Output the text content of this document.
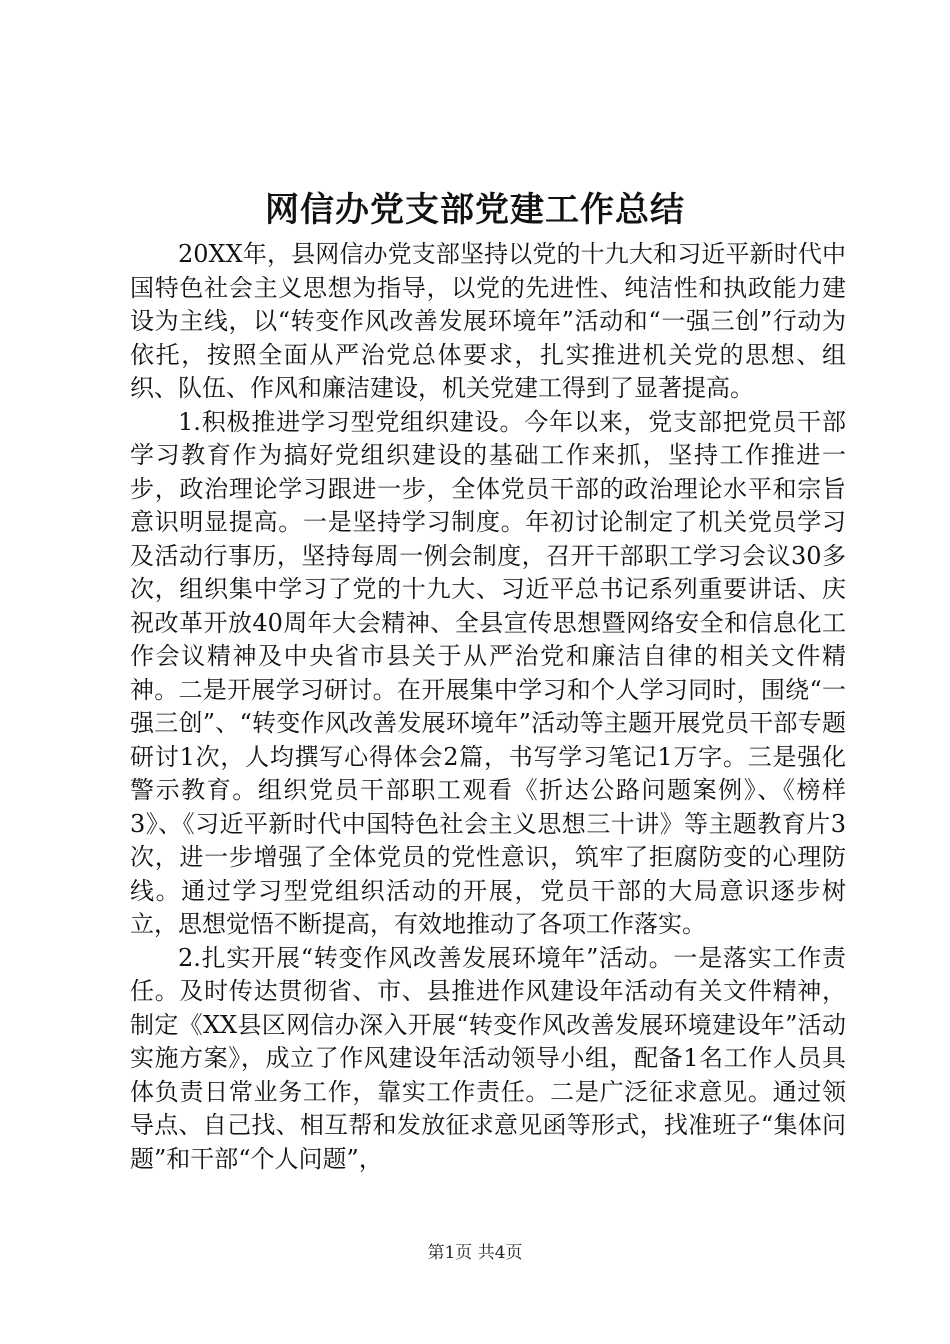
网信办党支部党建工作总结

20XX年，县网信办党支部坚持以党的十九大和习近平新时代中国特色社会主义思想为指导，以党的先进性、纯洁性和执政能力建设为主线，以“转变作风改善发展环境年”活动和“一强三创”行动为依托，按照全面从严治党总体要求，扎实推进机关党的思想、组织、队伍、作风和廉洁建设，机关党建工得到了显著提高。

1.积极推进学习型党组织建设。今年以来，党支部把党员干部学习教育作为搞好党组织建设的基础工作来抓，坚持工作推进一步，政治理论学习跟进一步，全体党员干部的政治理论水平和宗旨意识明显提高。一是坚持学习制度。年初讨论制定了机关党员学习及活动行事历，坚持每周一例会制度，召开干部职工学习会议30多次，组织集中学习了党的十九大、习近平总书记系列重要讲话、庆祝改革开放40周年大会精神、全县宣传思想暨网络安全和信息化工作会议精神及中央省市县关于从严治党和廉洁自律的相关文件精神。二是开展学习研讨。在开展集中学习和个人学习同时，围绕“一强三创”、“转变作风改善发展环境年”活动等主题开展党员干部专题研讨1次，人均撰写心得体会2篇，书写学习笔记1万字。三是强化警示教育。组织党员干部职工观看《折达公路问题案例》、《榜样3》、《习近平新时代中国特色社会主义思想三十讲》等主题教育片3次，进一步增强了全体党员的党性意识，筑牢了拒腐防变的心理防线。通过学习型党组织活动的开展，党员干部的大局意识逐步树立，思想觉悟不断提高，有效地推动了各项工作落实。

2.扎实开展“转变作风改善发展环境年”活动。一是落实工作责任。及时传达贯彻省、市、县推进作风建设年活动有关文件精神，制定《XX县区网信办深入开展“转变作风改善发展环境建设年”活动实施方案》，成立了作风建设年活动领导小组，配备1名工作人员具体负责日常业务工作，靠实工作责任。二是广泛征求意见。通过领导点、自己找、相互帮和发放征求意见函等形式，找准班子“集体问题”和干部“个人问题”，

第1页 共4页
